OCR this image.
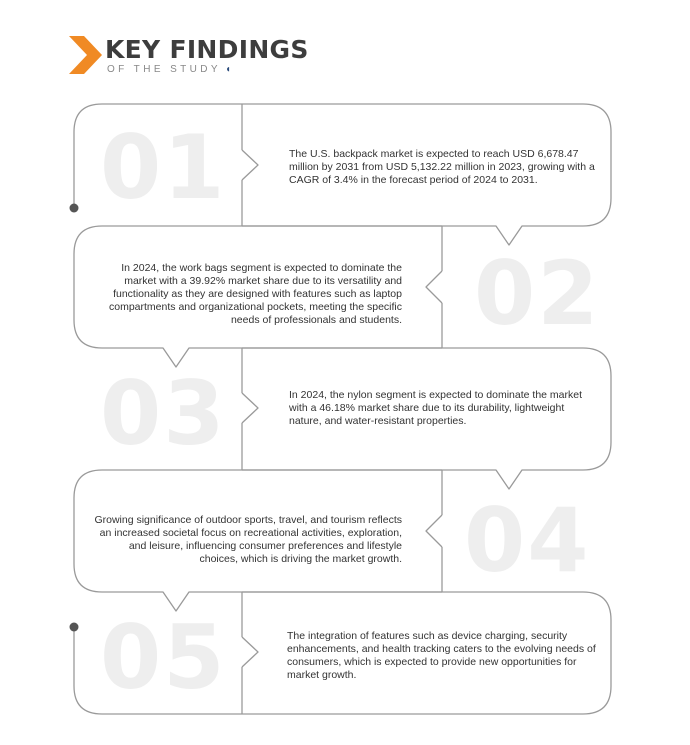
KEY FINDINGS
OF THE STUDY ◖
01
02
03
04
05
The U.S. backpack market is expected to reach USD 6,678.47 million by 2031 from USD 5,132.22 million in 2023, growing with a CAGR of 3.4% in the forecast period of 2024 to 2031.
In 2024, the work bags segment is expected to dominate the market with a 39.92% market share due to its versatility and functionality as they are designed with features such as laptop compartments and organizational pockets, meeting the specific needs of professionals and students.
In 2024, the nylon segment is expected to dominate the market with a 46.18% market share due to its durability, lightweight nature, and water-resistant properties.
Growing significance of outdoor sports, travel, and tourism reflects an increased societal focus on recreational activities, exploration, and leisure, influencing consumer preferences and lifestyle choices, which is driving the market growth.
The integration of features such as device charging, security enhancements, and health tracking caters to the evolving needs of consumers, which is expected to provide new opportunities for market growth.
